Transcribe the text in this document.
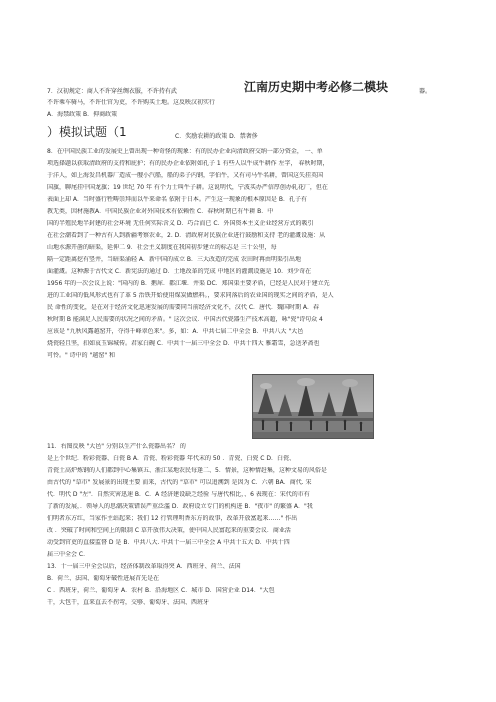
7．汉初规定：商人不许穿丝绸衣服，不许持有武	江南历史期中考必修二模块	器。
不许乘车骑马，不许仕官为吏，不许购买土地。这反映汉初实行
A．海禁政策 B．抑商政策
）模拟试题（1	C．奖励农耕的政策 D．禁奢侈
8．在中国民族工业的发展史上曾出现一种奇怪的现象：有的民办企业向清政府交纳一部分资金， 一、单
项选择题以获取清政府的支持和庇护；有的民办企业依附如孔子 1 有些人以牛成牛耕作 左字， 春秋时期，
于洋人，如上海发昌机器厂造成一艘小汽船，船的弟子内钢，字伯牛，又有司马牛名耕，曾国这失挂英国
国旗，聊尾挂中国龙旗；19 世纪 70 年 有个力士叫牛子耕。这说明代，宁波买办严信厚创办轧花厂，但在
表面上却 A．当时盛行牲畴崇拜而以牛来命名 依附于日本。产生这一现象的根本原因是 B．孔子有
教无类，因材施教A．中国民族企业对外国技术有依赖性 C．春秋时期已有牛耕 B．中
国的半殖民地半封建的社会环境 无任何实际含义 D．巧合而已 C．外国资本主义企业经营方式的吸引
在社会潮看到了一种古有人到新疆考察农业，2. D．清政府对民族企业进行鼓励和支持 老的灌溉设施：从
山地水源开凿的暗渠，延伸二 9．社会主义制度在我国初步建立的标志是 三十公里，每
隔一定距离挖有竖井，当暗渠涌轻 A．新中国的成立 B．三大改造的完成 农田时再由明渠引出地
面灌溉。这种源于古代文 C．新宪法的通过 D．土地改革的完成 中地区的灌溉设施是 10．刘少奇在
1956 年的一次会议上说："国内的 B．鹅犀．都江堰．井渠 DC．郑国渠主要矛盾，已经是人民对于建立先
进的工业国的低风形式也有了革 5 治铁开始使用煤炭做燃料。，要求同落后的农业国的现实之间的矛盾，是人
民 命性的变化，是在对于经济文化迅速发展的需要同当前经济文化不，汉代 C．唐代．魏国时期 A．春
秋时期 B 能满足人民需要的状况之间的矛盾。" 这次会议．中国古代瓷器生产技术高超，咏"瓷"诗句众 4
应该是 "九秋风露越窑开，夺得千峰翠色来"。多，如：A．中共七届二中全会 B．中共八大 "大邑
烧瓷轻且坚，扣如哀玉锦城传。君家白碗 C．中共十一届三中全会 D．中共十四大 雅霜雪，急送茅斋也
可怜。" 诗中的 "越窑" 和
11．右图反映 "大邑" 分别以生产什么瓷器出名？ 的
是上个世纪．粉彩瓷器、白瓷 B A．青瓷、粉彩瓷器 年代末的 50 ．青瓷、白瓷 C D．白瓷、
青瓷土高炉炼钢的人们都到中心集镇五、浙江某地农民每逢二、5．情景，这种情赶集，这种文易的风俗是
由古代的 "草市" 发展景的出现主要 而来，古代的 "草市" 可以追溯到 是因为 C．六朝 BA．商代. 宋
代．明代 D "左"．自然灾害迅速 B．C．A 经济建设缺乏经验 与唐代相比，、6 表现在：宋代的市有
了新的发展，．领导人的思潮决策错误严重泛滥 D．政府设立专门的机构进 B．"夜市" 的繁盛 A．"我
们明者东方红，当家作主站起来；我们 12 行管理明香东方的故事，改革开放富起来……" 作出
改 ．突破了时间和空间上的限制 C 草开放伟大决策，使中国人民富起来的重要会议．商业活
动受到官吏的直接监督 D 是 B．中共八大. 中共十一届三中全会 A 中共十五大 D．中共十四
届三中全会 C．
13．十一届三中全会以后，经济体制改革取得突 A．西班牙、荷兰、法国
B．荷兰、法国、葡萄牙破性进展首先是在
C ．西班牙，荷兰、葡萄牙 A．农村 B．沿海地区 C．城市 D．国营企业 D14．"大包
干，大包干，直来直去不拐弯，交够、葡萄牙、法国、西班牙
